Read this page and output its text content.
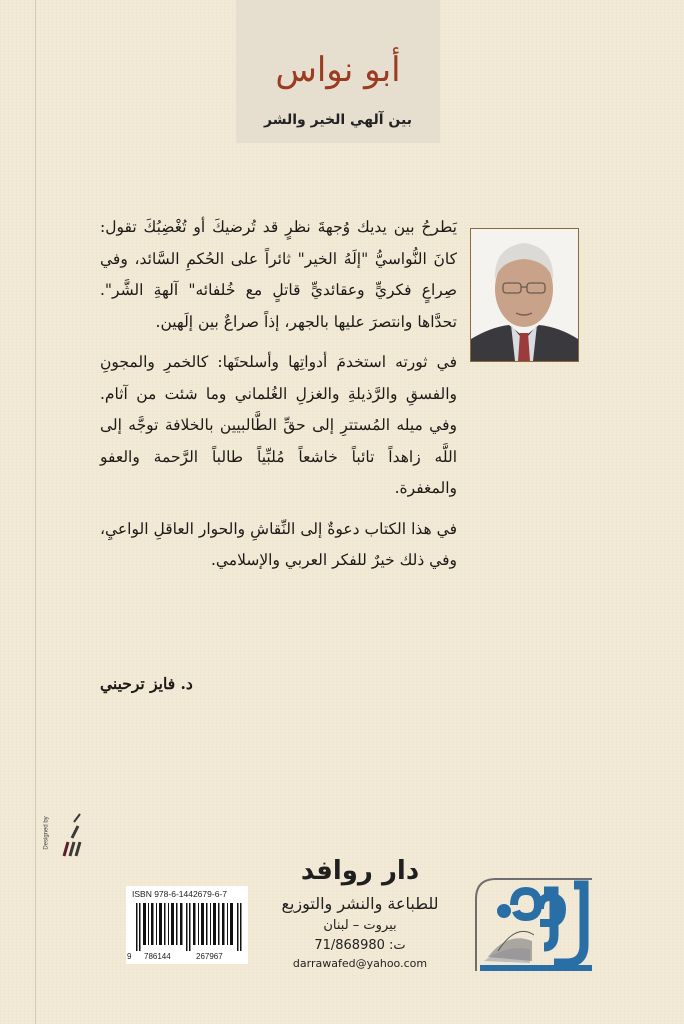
أبو نواس
بين آلهي الخير والشر

يَطرحُ بين يديك وُجهةَ نظرٍ قد تُرضيكَ أو تُغْضِبُكَ تقول: كانَ النُّواسيُّ "إلَهُ الخير" ثائراً على الحُكمِ السَّائد، وفي صِراعٍ فكريٍّ وعقائديٍّ قاتلٍ مع خُلفائه" آلهةِ الشَّر". تحدَّاها وانتصرَ عليها بالجهر، إذاً صراعٌ بين إلَهين.

في ثورته استخدمَ أدواتِها وأسلحتَها: كالخمرِ والمجونِ والفسقِ والرَّذيلةِ والغزلِ الغُلماني وما شئت من آثام. وفي ميله المُستترِ إلى حقِّ الطَّالبيين بالخلافة توجَّه إلى اللَّه زاهداً تائباً خاشعاً مُلبِّياً طالباً الرَّحمة والعفو والمغفرة.

في هذا الكتاب دعوةٌ إلى النِّقاشِ والحوار العاقلِ الواعيِ، وفي ذلك خيرٌ للفكر العربي والإسلامي.

د. فايز ترحيني
Designed by
ISBN 978-6-1442679-6-7
9 786144	267967
دار روافد
للطباعة والنشر والتوزيع
بيروت – لبنان
ت: 71/868980
darrawafed@yahoo.com
